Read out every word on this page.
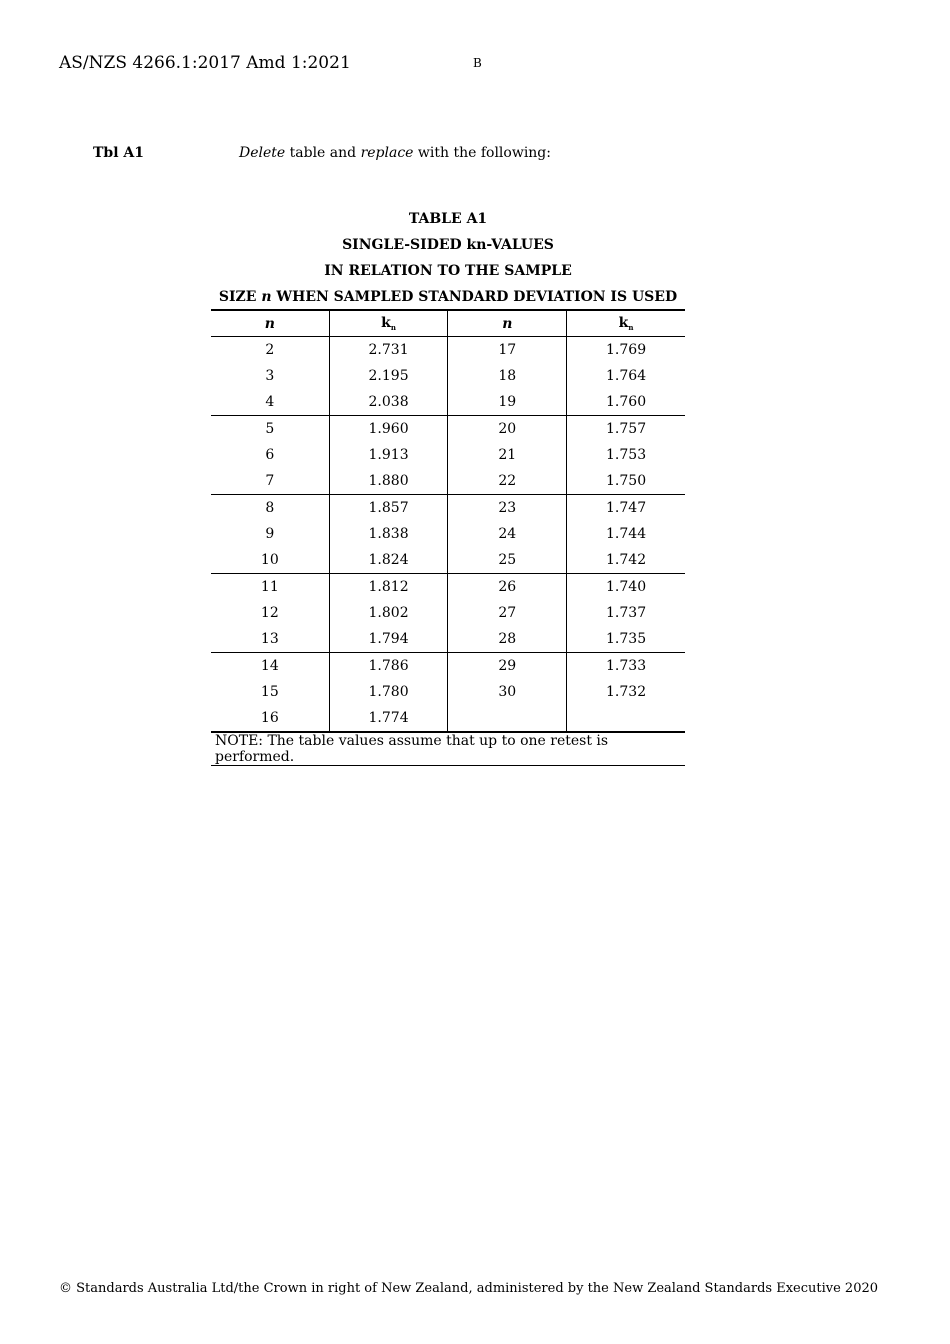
AS/NZS 4266.1:2017 Amd 1:2021	B
Tbl A1	Delete table and replace with the following:
TABLE A1
SINGLE-SIDED kn-VALUES
IN RELATION TO THE SAMPLE
SIZE n WHEN SAMPLED STANDARD DEVIATION IS USED
n	$k_n$	n	$k_n$
2	2.731	17	1.769
3	2.195	18	1.764
4	2.038	19	1.760
5	1.960	20	1.757
6	1.913	21	1.753
7	1.880	22	1.750
8	1.857	23	1.747
9	1.838	24	1.744
10	1.824	25	1.742
11	1.812	26	1.740
12	1.802	27	1.737
13	1.794	28	1.735
14	1.786	29	1.733
15	1.780	30	1.732
16	1.774		
NOTE: The table values assume that up to one retest is performed.			
© Standards Australia Ltd/the Crown in right of New Zealand, administered by the New Zealand Standards Executive 2020
